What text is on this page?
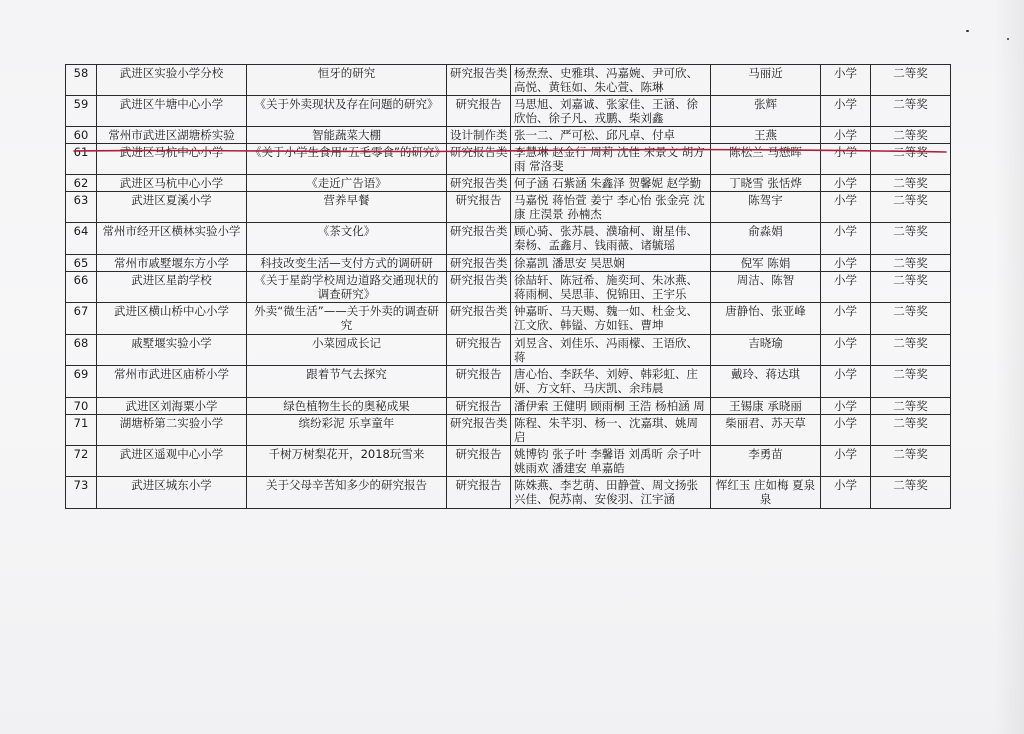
58	武进区实验小学分校	恒牙的研究	研究报告类	杨焘焘、史雅琪、冯嘉婉、尹可欣、高悦、黄钰如、朱心萱、陈琳	马丽近	小学	二等奖
59	武进区牛塘中心小学	《关于外卖现状及存在问题的研究》	研究报告	马思旭、刘嘉诚、张家佳、王涵、徐欣怡、徐子凡、戎鹏、柴刘鑫	张辉	小学	二等奖
60	常州市武进区湖塘桥实验	智能蔬菜大棚	设计制作类	张一二、严可松、邱凡卓、付卓	王燕	小学	二等奖
61	武进区马杭中心小学	《关于小学生食用“五毛零食”的研究》	研究报告类	李慧琳 赵金行 周莉 沈佳 宋景文 胡方雨 常洛斐	陈松兰 马懋晖	小学	二等奖
62	武进区马杭中心小学	《走近广告语》	研究报告类	何子涵 石紫涵 朱鑫泽 贺馨妮 赵学勤	丁晓雪 张恬烨	小学	二等奖
63	武进区夏溪小学	营养早餐	研究报告	马嘉悦 蒋怡萱 姜宁 李心怡 张金亮 沈康 庄淏景 孙楠杰	陈驾宇	小学	二等奖
64	常州市经开区横林实验小学	《茶文化》	研究报告类	顾心骑、张苏晨、濮瑜柯、谢星伟、秦杨、孟鑫月、钱雨薇、诸毓瑶	俞淼娟	小学	二等奖
65	常州市戚墅堰东方小学	科技改变生活—支付方式的调研研	研究报告类	徐嘉凯 潘思安 吴思娴	倪军 陈娟	小学	二等奖
66	武进区星韵学校	《关于星韵学校周边道路交通现状的调查研究》	研究报告类	徐喆轩、陈冠希、施奕珂、朱冰燕、蒋雨桐、吴思菲、倪锦田、王宇乐	周洁、陈智	小学	二等奖
67	武进区横山桥中心小学	外卖“微生活”——关于外卖的调查研究	研究报告类	钟嘉昕、马天赐、魏一如、杜金戈、江文欣、韩镒、方如钰、曹坤	唐静怡、张亚峰	小学	二等奖
68	戚墅堰实验小学	小菜园成长记	研究报告	刘昱含、刘佳乐、冯雨檬、王语欣、蒋	吉晓瑜	小学	二等奖
69	常州市武进区庙桥小学	跟着节气去探究	研究报告	唐心怡、李跃华、刘婷、韩彩虹、庄妍、方文轩、马庆凯、余玮晨	戴玲、蒋达琪	小学	二等奖
70	武进区刘海粟小学	绿色植物生长的奥秘成果	研究报告	潘伊索 王健明 顾雨桐 王浩 杨柏涵 周	王锡康 承晓丽	小学	二等奖
71	湖塘桥第二实验小学	缤纷彩泥 乐享童年	研究报告类	陈程、朱芊羽、杨一、沈嘉琪、姚周启	柴丽君、苏天草	小学	二等奖
72	武进区遥观中心小学	千树万树梨花开，2018玩雪来	研究报告	姚博钧 张子叶 李馨语 刘禹昕 佘子叶 姚雨欢 潘建安 单嘉皓	李勇苗	小学	二等奖
73	武进区城东小学	关于父母辛苦知多少的研究报告	研究报告	陈姝燕、李艺萌、田静萱、周文扬张兴佳、倪苏南、安俊羽、江宇涵	恽红玉 庄如梅 夏泉泉	小学	二等奖
